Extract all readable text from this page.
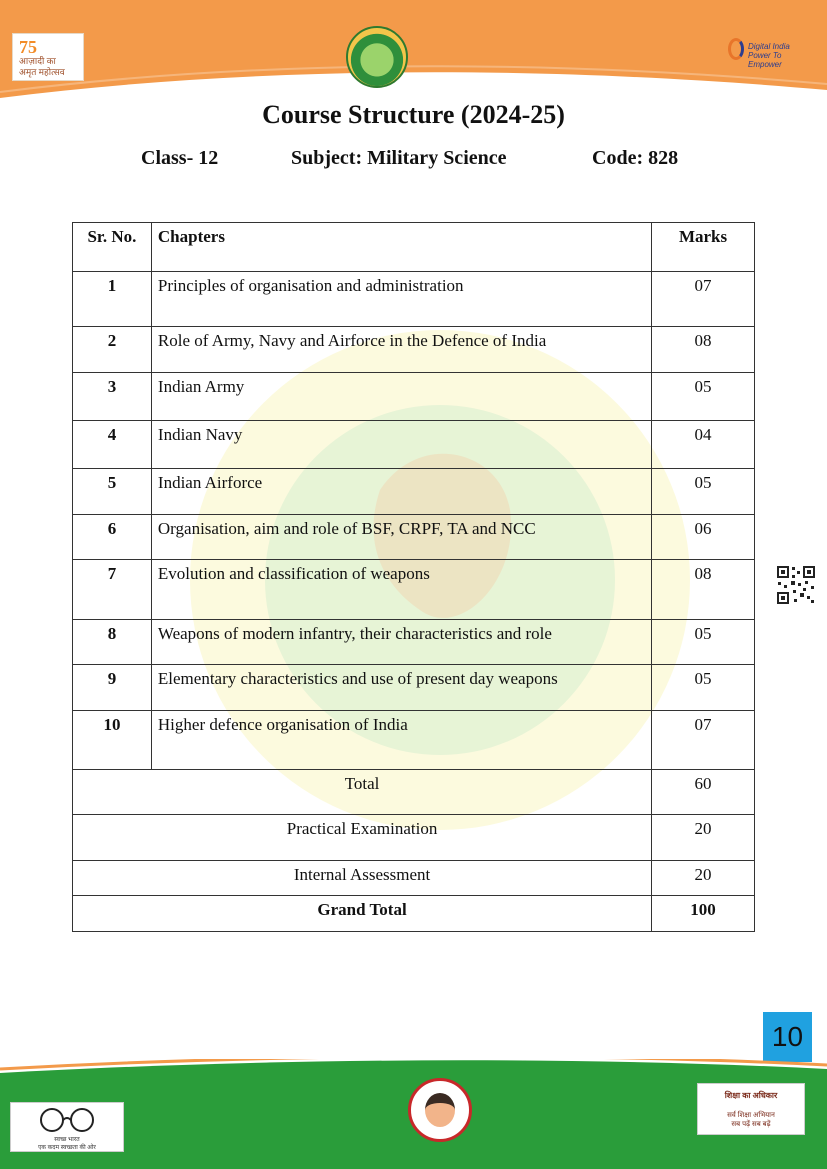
75
आज़ादी का
अमृत महोत्सव
Digital India
Power To Empower
Course Structure (2024-25)

Class- 12	Subject: Military Science	Code: 828

Sr. No.	Chapters	Marks
1	Principles of organisation and administration	07
2	Role of Army, Navy and Airforce in the Defence of India	08
3	Indian Army	05
4	Indian Navy	04
5	Indian Airforce	05
6	Organisation, aim and role of BSF, CRPF, TA and NCC	06
7	Evolution and classification of weapons	08
8	Weapons of modern infantry, their characteristics and role	05
9	Elementary characteristics and use of present day weapons	05
10	Higher defence organisation of India	07
Total		60
Practical Examination		20
Internal Assessment		20
Grand Total		100
10
स्वच्छ भारत
एक कदम स्वच्छता की ओर
शिक्षा का अधिकार
सर्व शिक्षा अभियान
सब पढ़ें सब बढ़ें
